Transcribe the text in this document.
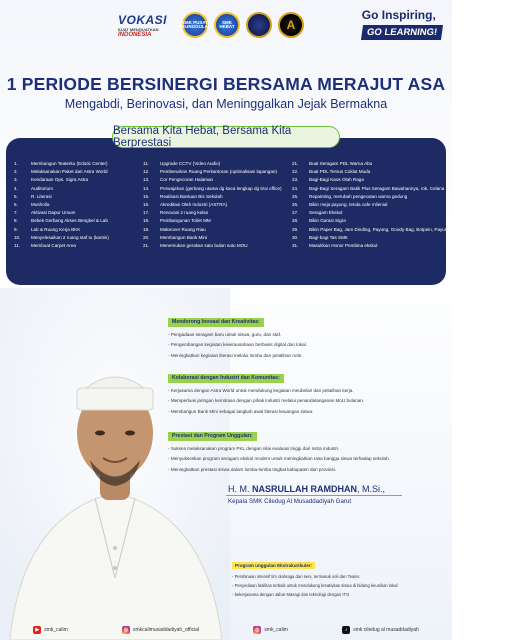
VOKASI
KUAT MENGUATKAN
INDONESIA
SMK PUSAT KEUNGGULAN
SMK HEBAT	A
Go Inspiring,
GO LEARNING!
1 PERIODE BERSINERGI BERSAMA MERAJUT ASA
Mengabdi, Berinovasi, dan Meninggalkan Jejak Bermakna
Bersama Kita Hebat, Bersama Kita Berprestasi
1.	Membangun Teaterku (Edutic Center)
2.	Melaksanakan Paket dari Astra World
3.	Kendaraan Ops. Sigra Astra
4.	Auditorium
5.	R. Literasi
6.	Musholla
7.	Aktivasi Dapur Umum
8.	Bebek Gerbang Akses Bengkel & Lab
9.	Lab & Ruang Kerja BKK
10.	Menyelesaikan 2 ruang staf tu (kantin)
11.	Membuat Carpet Area
11.	Upgrade CCTV (Video Audio)
12.	Pembenahan Ruang Perkantoran (optimalisasi lapangan)
13.	Cor Pengecoran Halaman
14.	Perwajahan (gerbang utama dg kaca lengkap dg tirai office)
15.	Realisasi Bantuan Bis Sekolah
16.	Akreditasi Oleh Industri (ASTRA)
17.	Renovasi 2 ruang kelas
18.	Pembangunan Toilet MM
19.	Makeover Ruang Riau
20.	Membangun Bank Mini
21.	Menemukan gerakan satu bulan satu MOU
21.	Buat Seragam PDL Warna Abu
22.	Buat PDL Tersus Coklat Muda
23.	Bagi-Bagi Kaos Olah Raga
24.	Bagi-Bagi Seragam Batik Plus Seragam Bawahannya, rok, Celana
25.	Repainting, merubah pengecatan warna gedung
26.	Bikin meja payung, tenda cafe milenial
27.	Seragam Ekskul
28.	Bikin Garasi Sigra
29.	Bikin Paper Bag, Jam Dinding, Payung, Goody Bag, Botpein, Payung, Termos, Branding SMK dan lainnya
30.	Bagi-bagi Tas SMK
31.	Masukkan Honor Pembina ekskul
Mendorong Inovasi dan Kreativitas:
- Pengadaan seragam baru untuk siswa, guru, dan staf.
- Pengembangan kegiatan kewirausahaan berbasis digital dan lokal.
- Meningkatkan kegiatan literasi melalui lomba dan pelatihan rutin.
Kolaborasi dengan Industri dan Komunitas:
- Kerjasama dengan Astra World untuk mendukung kegiatan meubelair dan pelatihan kerja.
- Memperluas jaringan kemitraan dengan pihak industri melalui penandatanganan MoU bulanan.
- Membangun Bank Mini sebagai langkah awal literasi keuangan siswa.
Prestasi dan Program Unggulan:
- Sukses melaksanakan program PKL dengan nilai evaluasi tinggi dari mitra industri.
- Menyukseskan program seragam ekskul modern untuk meningkatkan rasa bangga siswa terhadap sekolah.
- Meningkatkan prestasi siswa dalam lomba-lomba tingkat kabupaten dan provinsi.
H. M. NASRULLAH RAMDHAN, M.Si.,
Kepala SMK Ciledug Al Musaddadiyah Garut
Program unggulan Ekstrakurikuler:
- Pembinaan intensif tim olahraga dan seni, termasuk voli dan Teater.
- Penyediaan fasilitas terbaik untuk mendukung kreativitas siswa di bidang keunikan lokal
- bekerjasama dengan Jabar Masagi dan teknologi dengan ITG
▶	smk_calim	◎ smkcalimusaddadiyah_official	◎ smk_calim	♪	smk ciledug al musaddadiyah
